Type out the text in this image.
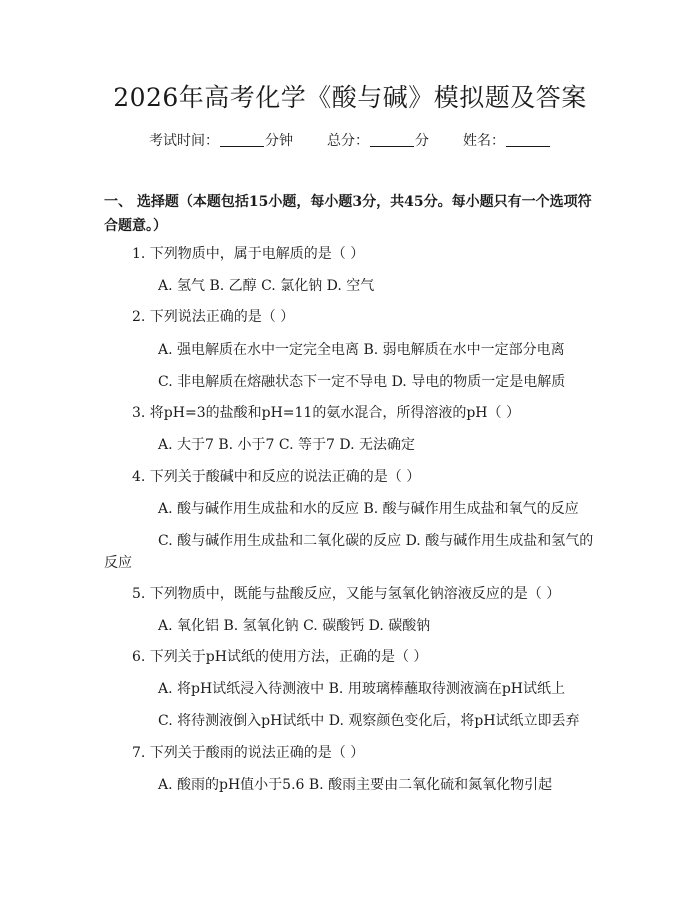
2026年高考化学《酸与碱》模拟题及答案
考试时间：	分钟 总分：	分 姓名：
一、 选择题（本题包括15小题，每小题3分，共45分。每小题只有一个选项符合题意。）
1. 下列物质中，属于电解质的是（ ）
A. 氢气 B. 乙醇 C. 氯化钠 D. 空气
2. 下列说法正确的是（ ）
A. 强电解质在水中一定完全电离 B. 弱电解质在水中一定部分电离
C. 非电解质在熔融状态下一定不导电 D. 导电的物质一定是电解质
3. 将pH=3的盐酸和pH=11的氨水混合，所得溶液的pH（ ）
A. 大于7 B. 小于7 C. 等于7 D. 无法确定
4. 下列关于酸碱中和反应的说法正确的是（ ）
A. 酸与碱作用生成盐和水的反应 B. 酸与碱作用生成盐和氧气的反应
C. 酸与碱作用生成盐和二氧化碳的反应 D. 酸与碱作用生成盐和氢气的
反应
5. 下列物质中，既能与盐酸反应，又能与氢氧化钠溶液反应的是（ ）
A. 氧化铝 B. 氢氧化钠 C. 碳酸钙 D. 碳酸钠
6. 下列关于pH试纸的使用方法，正确的是（ ）
A. 将pH试纸浸入待测液中 B. 用玻璃棒蘸取待测液滴在pH试纸上
C. 将待测液倒入pH试纸中 D. 观察颜色变化后，将pH试纸立即丢弃
7. 下列关于酸雨的说法正确的是（ ）
A. 酸雨的pH值小于5.6 B. 酸雨主要由二氧化硫和氮氧化物引起
